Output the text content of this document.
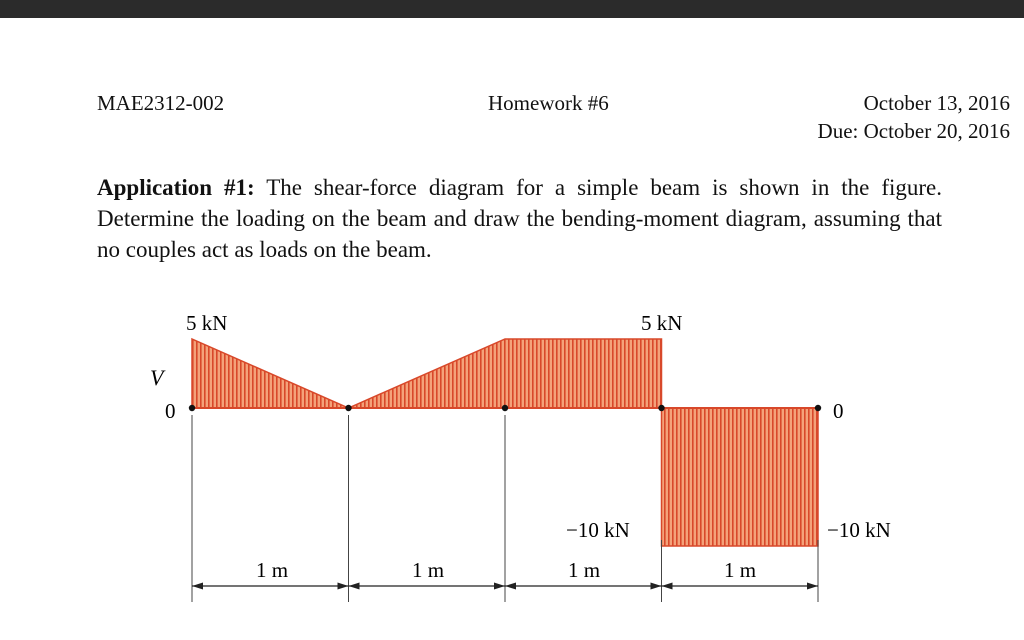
MAE2312-002	Homework #6	October 13, 2016
Due: October 20, 2016
Application #1: The shear-force diagram for a simple beam is shown in the figure. Determine the loading on the beam and draw the bending-moment diagram, assuming that no couples act as loads on the beam.
V
0	0
5 kN	5 kN
−10 kN	−10 kN
1 m	1 m	1 m	1 m
